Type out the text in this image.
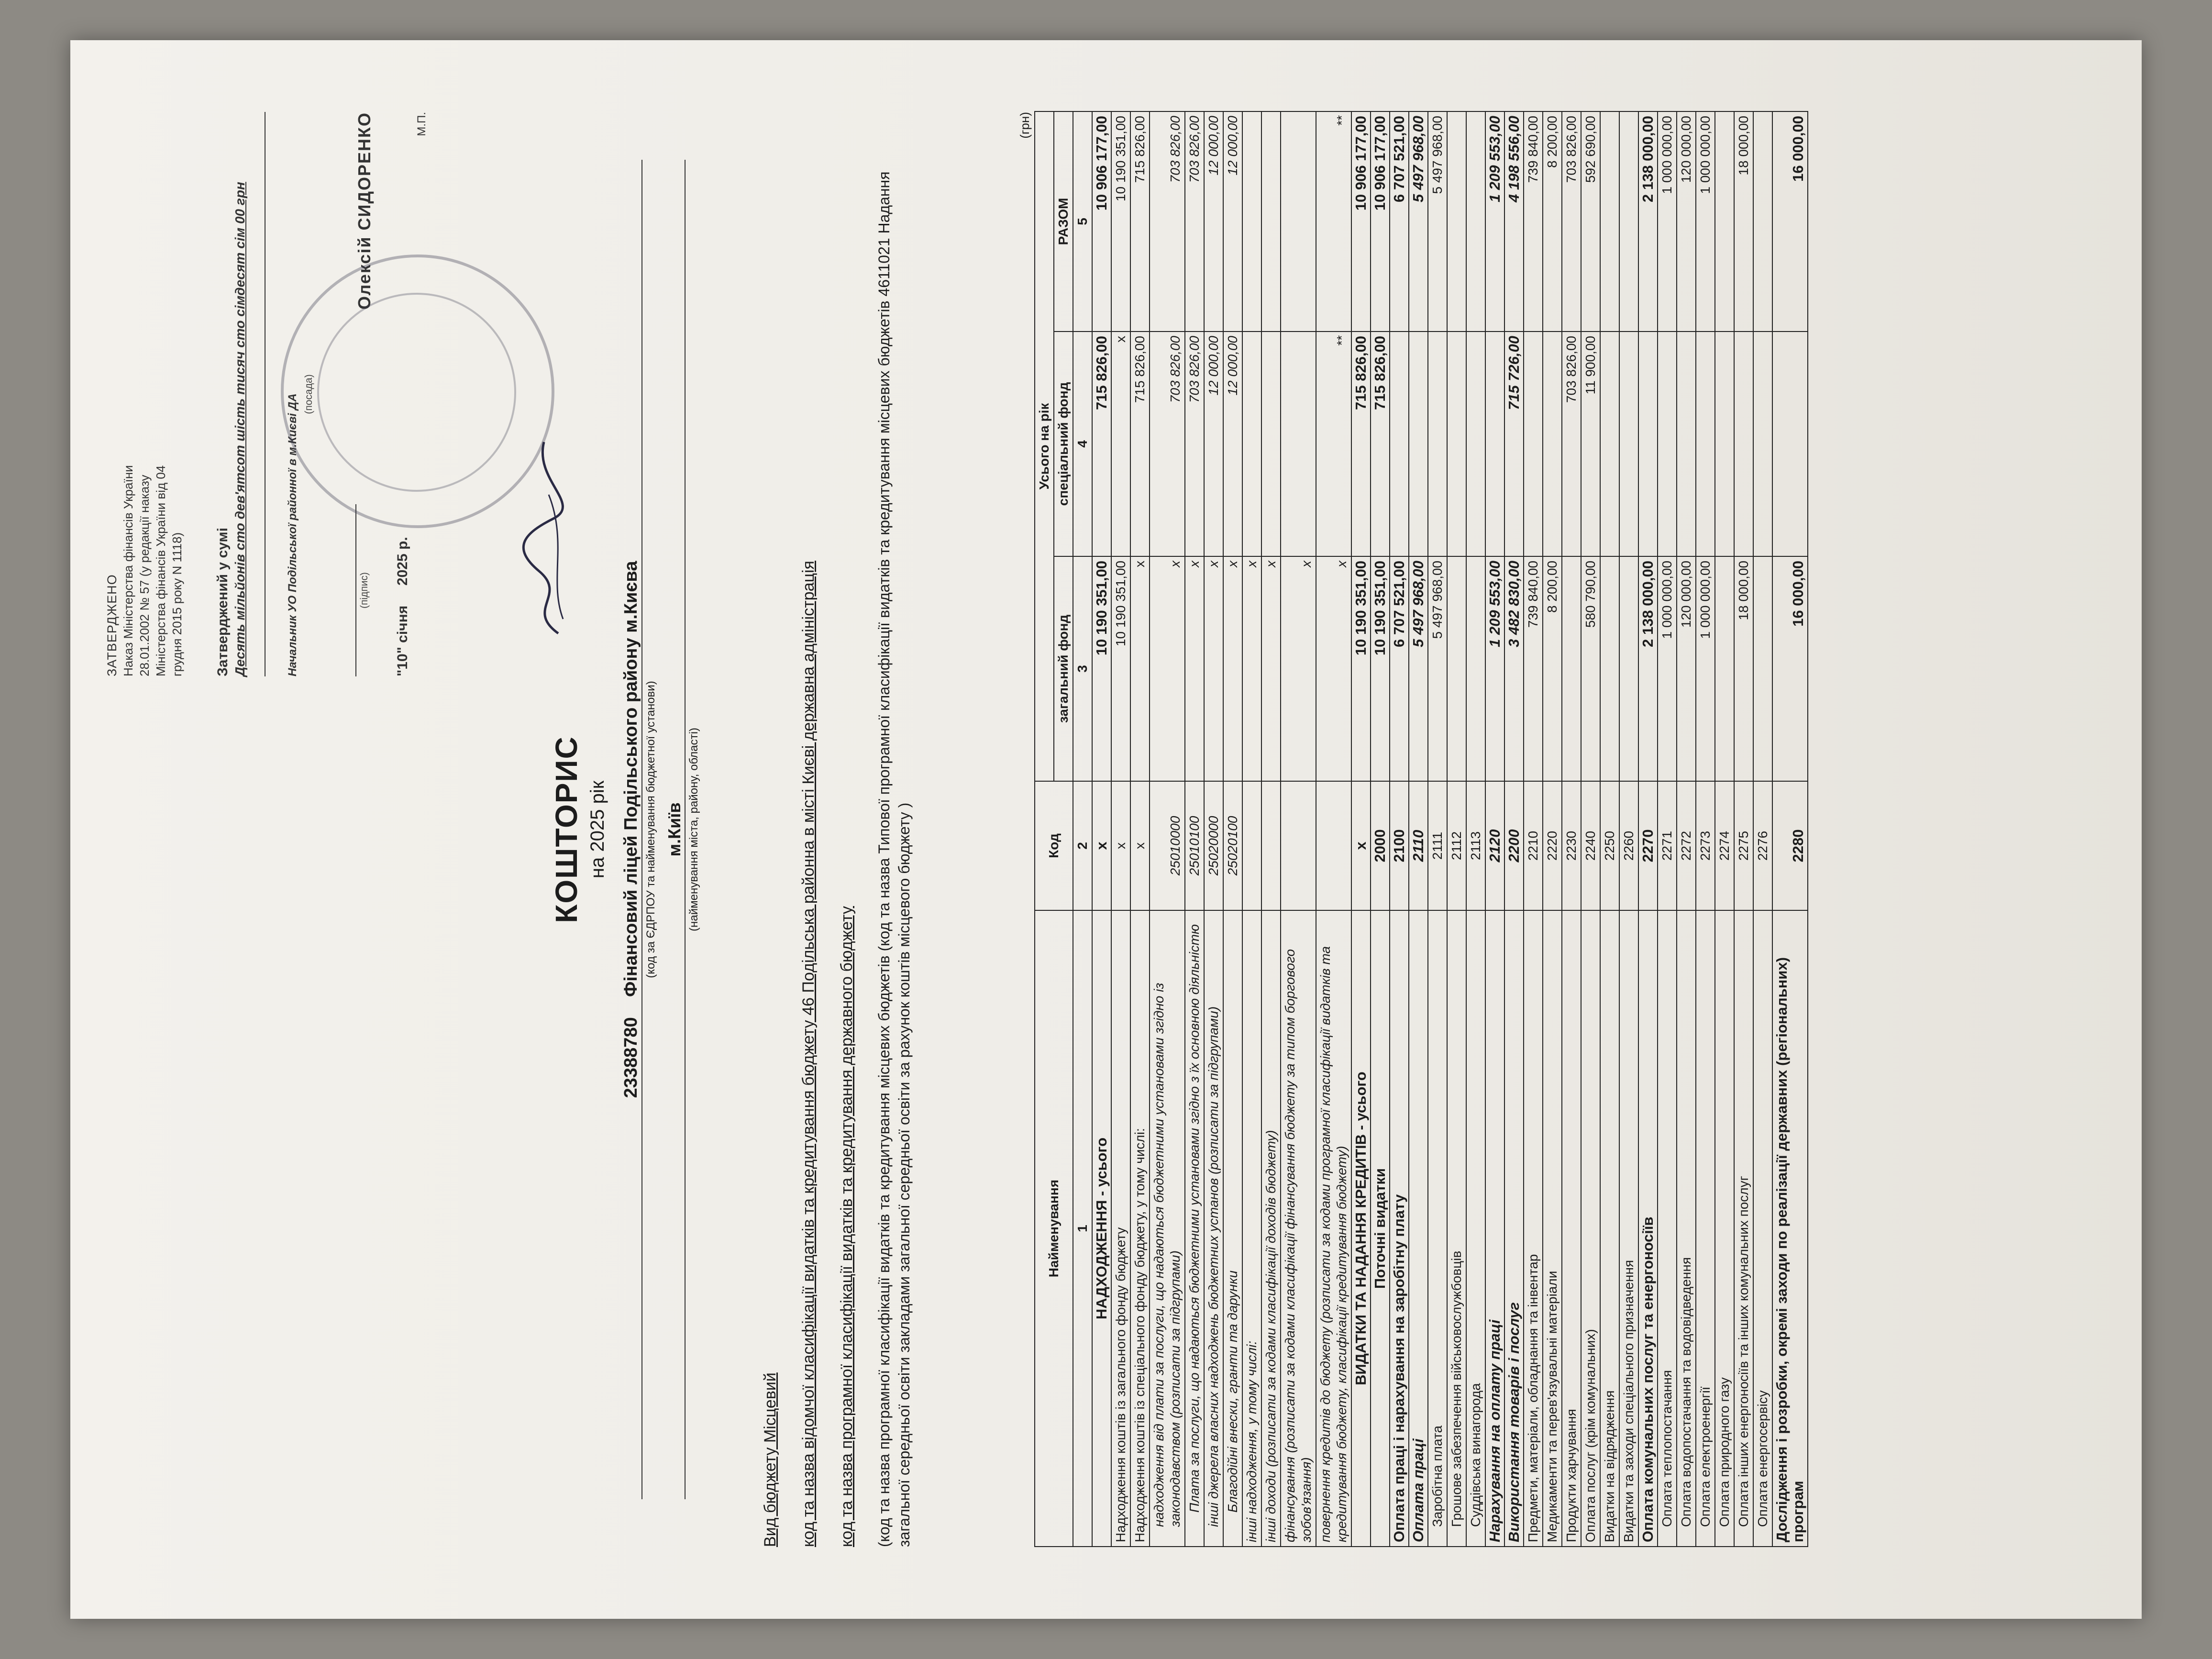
ЗАТВЕРДЖЕНО Наказ Міністерства фінансів України 28.01.2002 № 57 (у редакції наказу Міністерства фінансів України від 04 грудня 2015 року N 1118) Затверджений у сумі Десять мільйонів сто дев'ятсот шість тисяч сто сімдесят сім 00 грн	Начальник УО Подільської районної в м.Києві ДА (посада)
(підпис)
Олексій СИДОРЕНКО
"10" січня     2025 р.
М.П.
КОШТОРИС на 2025 рік
23388780    Фінансовий ліцей Подільського району м.Києва (код за ЄДРПОУ та найменування бюджетної установи) м.Київ (найменування міста, району, області)
Вид бюджету Місцевий код та назва відомчої класифікації видатків та кредитування бюджету 46 Подільська районна в місті Києві державна адміністрація код та назва програмної класифікації видатків та кредитування державного бюджету (код та назва програмної класифікації видатків та кредитування місцевих бюджетів (код та назва Типової програмної класифікації видатків та кредитування місцевих бюджетів 4611021 Надання загальної середньої освіти закладами загальної середньої освіти за рахунок коштів місцевого бюджету )
(грн)
Найменування	Код	Усього на рік		
		загальний фонд	спеціальний фонд	РАЗОМ
1	2	3	4	5
НАДХОДЖЕННЯ - усього	x	10 190 351,00	715 826,00	10 906 177,00
Надходження коштів із загального фонду бюджету	x	10 190 351,00	x	10 190 351,00
Надходження коштів із спеціального фонду бюджету, у тому числі:	x	x	715 826,00	715 826,00
надходження від плати за послуги, що надаються бюджетними установами згідно із законодавством (розписати за підгрупами)	25010000	x	703 826,00	703 826,00
Плата за послуги, що надаються бюджетними установами згідно з їх основною діяльністю	25010100	x	703 826,00	703 826,00
інші джерела власних надходжень бюджетних установ (розписати за підгрупами)	25020000	x	12 000,00	12 000,00
Благодійні внески, гранти та дарунки	25020100	x	12 000,00	12 000,00
інші надходження, у тому числі:		x		
інші доходи (розписати за кодами класифікації доходів бюджету)		x		
фінансування (розписати за кодами класифікації фінансування бюджету за типом боргового зобов'язання)		x		
повернення кредитів до бюджету (розписати за кодами програмної класифікації видатків та кредитування бюджету, класифікації кредитування бюджету)		x	**	**
ВИДАТКИ ТА НАДАННЯ КРЕДИТІВ - усього	x	10 190 351,00	715 826,00	10 906 177,00
Поточні видатки	2000	10 190 351,00	715 826,00	10 906 177,00
Оплата праці і нарахування на заробітну плату	2100	6 707 521,00		6 707 521,00
Оплата праці	2110	5 497 968,00		5 497 968,00
Заробітна плата	2111	5 497 968,00		5 497 968,00
Грошове забезпечення військовослужбовців	2112			
Суддівська винагорода	2113			
Нарахування на оплату праці	2120	1 209 553,00		1 209 553,00
Використання товарів і послуг	2200	3 482 830,00	715 726,00	4 198 556,00
Предмети, матеріали, обладнання та інвентар	2210	739 840,00		739 840,00
Медикаменти та перев'язувальні матеріали	2220	8 200,00		8 200,00
Продукти харчування	2230		703 826,00	703 826,00
Оплата послуг (крім комунальних)	2240	580 790,00	11 900,00	592 690,00
Видатки на відрядження	2250			
Видатки та заходи спеціального призначення	2260			
Оплата комунальних послуг та енергоносіїв	2270	2 138 000,00		2 138 000,00
Оплата теплопостачання	2271	1 000 000,00		1 000 000,00
Оплата водопостачання та водовідведення	2272	120 000,00		120 000,00
Оплата електроенергії	2273	1 000 000,00		1 000 000,00
Оплата природного газу	2274			
Оплата інших енергоносіїв та інших комунальних послуг	2275	18 000,00		18 000,00
Оплата енергосервісу	2276			
Дослідження і розробки, окремі заходи по реалізації державних (регіональних) програм	2280	16 000,00		16 000,00
